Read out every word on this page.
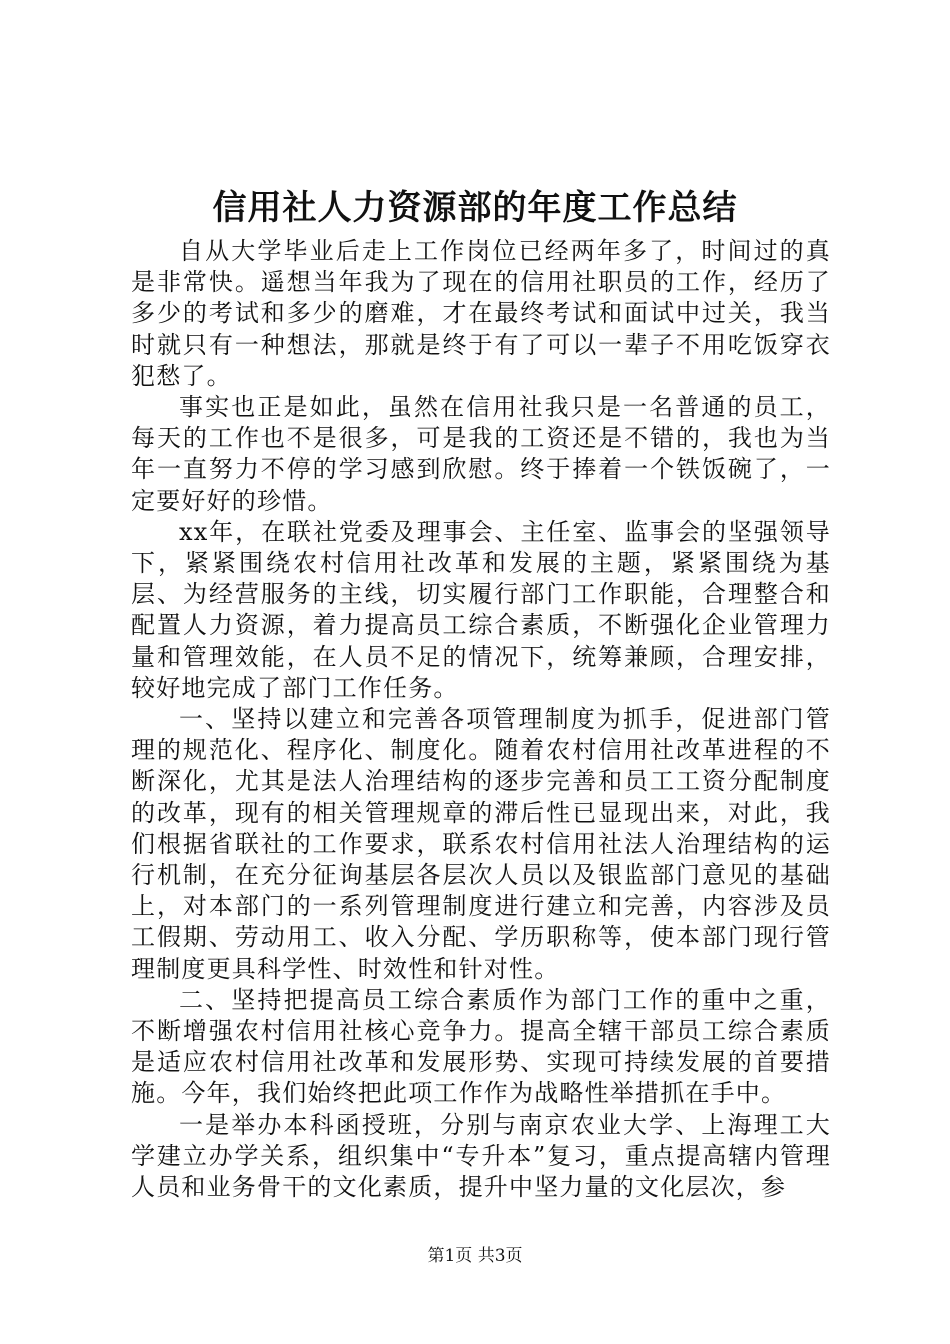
信用社人力资源部的年度工作总结

自从大学毕业后走上工作岗位已经两年多了，时间过的真是非常快。遥想当年我为了现在的信用社职员的工作，经历了多少的考试和多少的磨难，才在最终考试和面试中过关，我当时就只有一种想法，那就是终于有了可以一辈子不用吃饭穿衣犯愁了。

事实也正是如此，虽然在信用社我只是一名普通的员工，每天的工作也不是很多，可是我的工资还是不错的，我也为当年一直努力不停的学习感到欣慰。终于捧着一个铁饭碗了，一定要好好的珍惜。

xx年，在联社党委及理事会、主任室、监事会的坚强领导下，紧紧围绕农村信用社改革和发展的主题，紧紧围绕为基层、为经营服务的主线，切实履行部门工作职能，合理整合和配置人力资源，着力提高员工综合素质，不断强化企业管理力量和管理效能，在人员不足的情况下，统筹兼顾，合理安排，较好地完成了部门工作任务。

一、坚持以建立和完善各项管理制度为抓手，促进部门管理的规范化、程序化、制度化。随着农村信用社改革进程的不断深化，尤其是法人治理结构的逐步完善和员工工资分配制度的改革，现有的相关管理规章的滞后性已显现出来，对此，我们根据省联社的工作要求，联系农村信用社法人治理结构的运行机制，在充分征询基层各层次人员以及银监部门意见的基础上，对本部门的一系列管理制度进行建立和完善，内容涉及员工假期、劳动用工、收入分配、学历职称等，使本部门现行管理制度更具科学性、时效性和针对性。

二、坚持把提高员工综合素质作为部门工作的重中之重，不断增强农村信用社核心竞争力。提高全辖干部员工综合素质是适应农村信用社改革和发展形势、实现可持续发展的首要措施。今年，我们始终把此项工作作为战略性举措抓在手中。

一是举办本科函授班，分别与南京农业大学、上海理工大学建立办学关系，组织集中“专升本”复习，重点提高辖内管理人员和业务骨干的文化素质，提升中坚力量的文化层次，参

第1页 共3页
